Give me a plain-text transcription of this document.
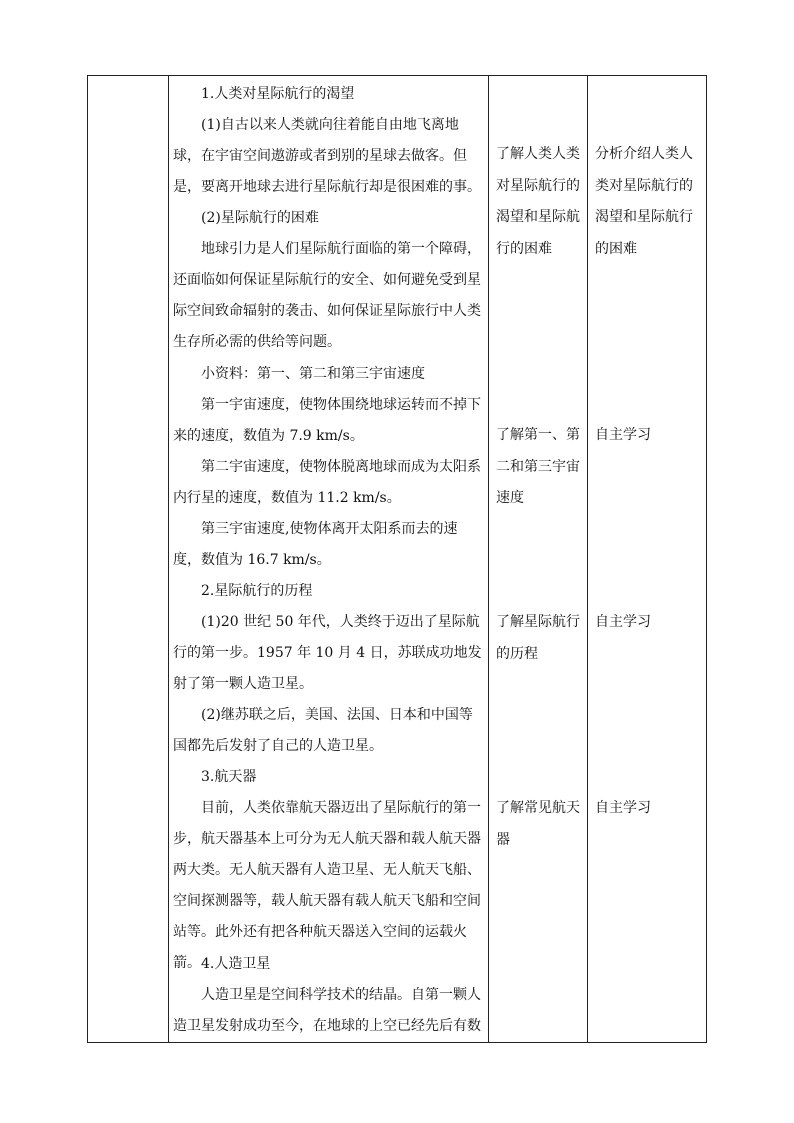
1.人类对星际航行的渴望

(1)自古以来人类就向往着能自由地飞离地球，在宇宙空间遨游或者到别的星球去做客。但是，要离开地球去进行星际航行却是很困难的事。

(2)星际航行的困难

地球引力是人们星际航行面临的第一个障碍，还面临如何保证星际航行的安全、如何避免受到星际空间致命辐射的袭击、如何保证星际旅行中人类生存所必需的供给等问题。

小资料：第一、第二和第三宇宙速度

第一宇宙速度，使物体围绕地球运转而不掉下来的速度，数值为 7.9 km/s。

第二宇宙速度，使物体脱离地球而成为太阳系内行星的速度，数值为 11.2 km/s。

第三宇宙速度,使物体离开太阳系而去的速度，数值为 16.7 km/s。

2.星际航行的历程

(1)20 世纪 50 年代，人类终于迈出了星际航行的第一步。1957 年 10 月 4 日，苏联成功地发射了第一颗人造卫星。

(2)继苏联之后，美国、法国、日本和中国等国都先后发射了自己的人造卫星。

3.航天器

目前，人类依靠航天器迈出了星际航行的第一步，航天器基本上可分为无人航天器和载人航天器两大类。无人航天器有人造卫星、无人航天飞船、空间探测器等，载人航天器有载人航天飞船和空间站等。此外还有把各种航天器送入空间的运载火箭。 4.人造卫星

人造卫星是空间科学技术的结晶。自第一颗人造卫星发射成功至今，在地球的上空已经先后有数

了解人类人类对星际航行的渴望和星际航行的困难

了解第一、第二和第三宇宙速度

了解星际航行的历程

了解常见航天器

分析介绍人类人类对星际航行的渴望和星际航行的困难

自主学习

自主学习

自主学习
